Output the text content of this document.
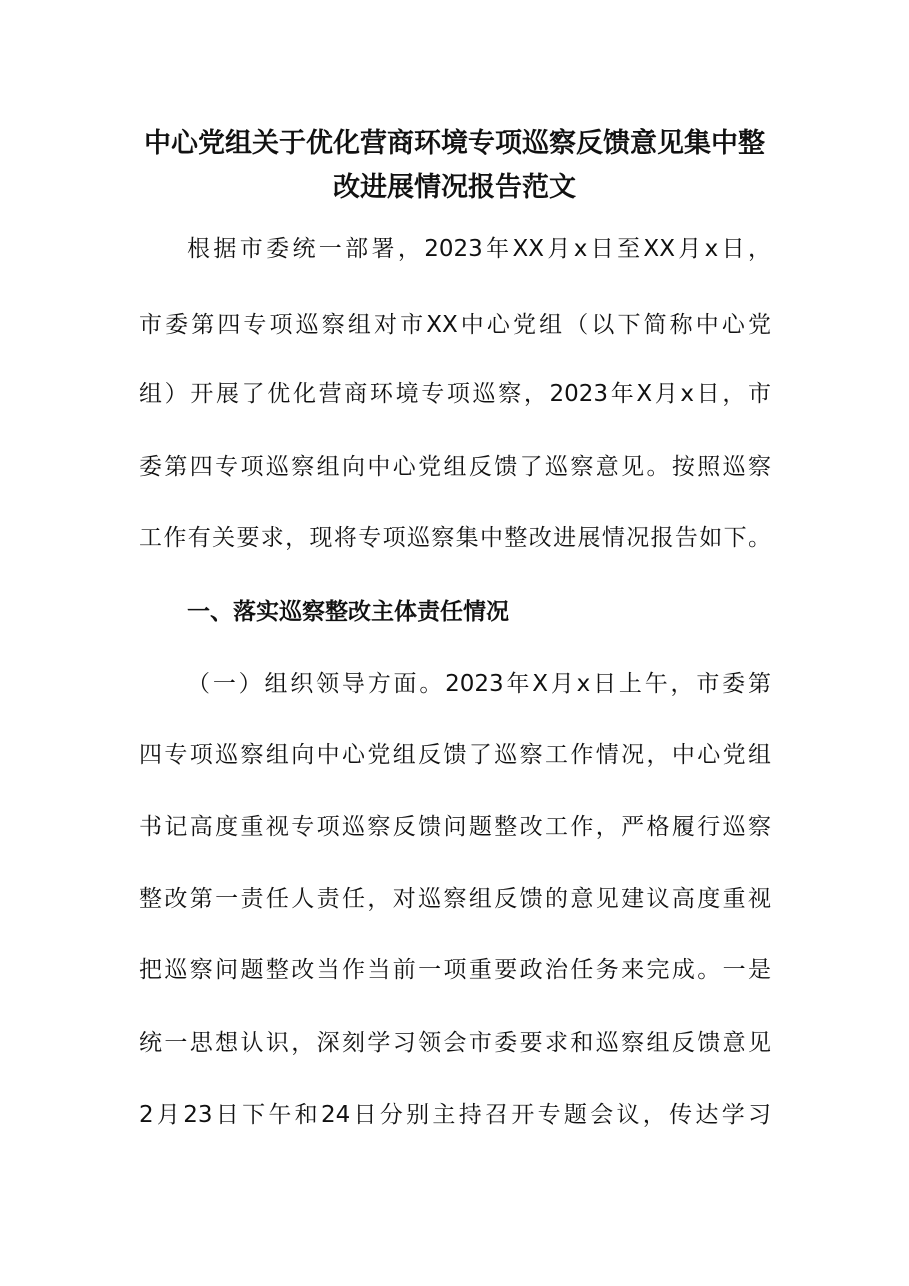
中心党组关于优化营商环境专项巡察反馈意见集中整
改进展情况报告范文
根据市委统一部署，2023年XX月x日至XX月x日，
市委第四专项巡察组对市XX中心党组（以下简称中心党
组）开展了优化营商环境专项巡察，2023年X月x日，市
委第四专项巡察组向中心党组反馈了巡察意见。按照巡察
工作有关要求，现将专项巡察集中整改进展情况报告如下。
一、落实巡察整改主体责任情况
（一）组织领导方面。2023年X月x日上午，市委第
四专项巡察组向中心党组反馈了巡察工作情况，中心党组
书记高度重视专项巡察反馈问题整改工作，严格履行巡察
整改第一责任人责任，对巡察组反馈的意见建议高度重视
把巡察问题整改当作当前一项重要政治任务来完成。一是
统一思想认识，深刻学习领会市委要求和巡察组反馈意见
2月23日下午和24日分别主持召开专题会议，传达学习
